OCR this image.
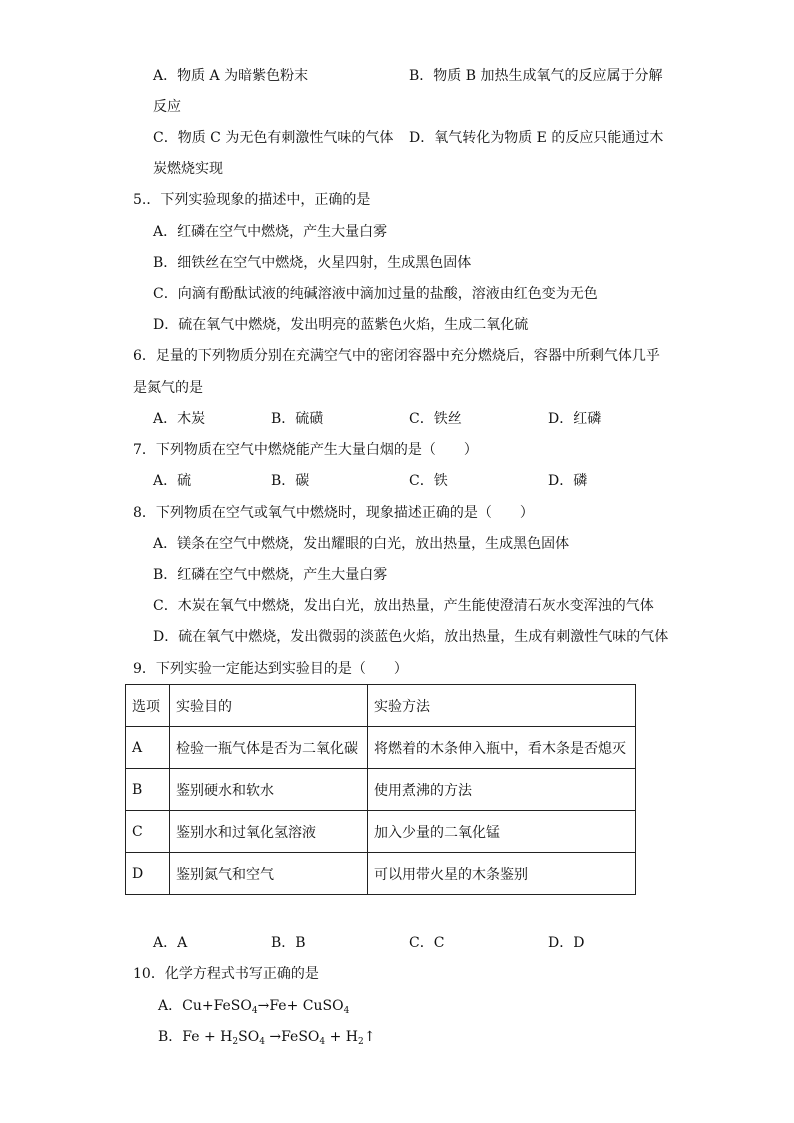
A．物质 A 为暗紫色粉末	B．物质 B 加热生成氧气的反应属于分解
反应
C．物质 C 为无色有刺激性气味的气体 D．氧气转化为物质 E 的反应只能通过木
炭燃烧实现
5.．下列实验现象的描述中，正确的是
A．红磷在空气中燃烧，产生大量白雾
B．细铁丝在空气中燃烧，火星四射，生成黑色固体
C．向滴有酚酞试液的纯碱溶液中滴加过量的盐酸，溶液由红色变为无色
D．硫在氧气中燃烧，发出明亮的蓝紫色火焰，生成二氧化硫
6．足量的下列物质分别在充满空气中的密闭容器中充分燃烧后，容器中所剩气体几乎
是氮气的是
A．木炭	B．硫磺	C．铁丝	D．红磷
7．下列物质在空气中燃烧能产生大量白烟的是（　　）
A．硫	B．碳	C．铁	D．磷
8．下列物质在空气或氧气中燃烧时，现象描述正确的是（　　）
A．镁条在空气中燃烧，发出耀眼的白光，放出热量，生成黑色固体
B．红磷在空气中燃烧，产生大量白雾
C．木炭在氧气中燃烧，发出白光，放出热量，产生能使澄清石灰水变浑浊的气体
D．硫在氧气中燃烧，发出微弱的淡蓝色火焰，放出热量，生成有刺激性气味的气体
9．下列实验一定能达到实验目的是（　　）
选项	实验目的	实验方法
A	检验一瓶气体是否为二氧化碳	将燃着的木条伸入瓶中，看木条是否熄灭
B	鉴别硬水和软水	使用煮沸的方法
C	鉴别水和过氧化氢溶液	加入少量的二氧化锰
D	鉴别氮气和空气	可以用带火星的木条鉴别
A．A	B．B	C．C	D．D
10．化学方程式书写正确的是
A．Cu+FeSO$_4$→Fe+ CuSO$_4$
B．$Fe + H_2SO_4$ →FeSO$_4$ + $H_2↑$
